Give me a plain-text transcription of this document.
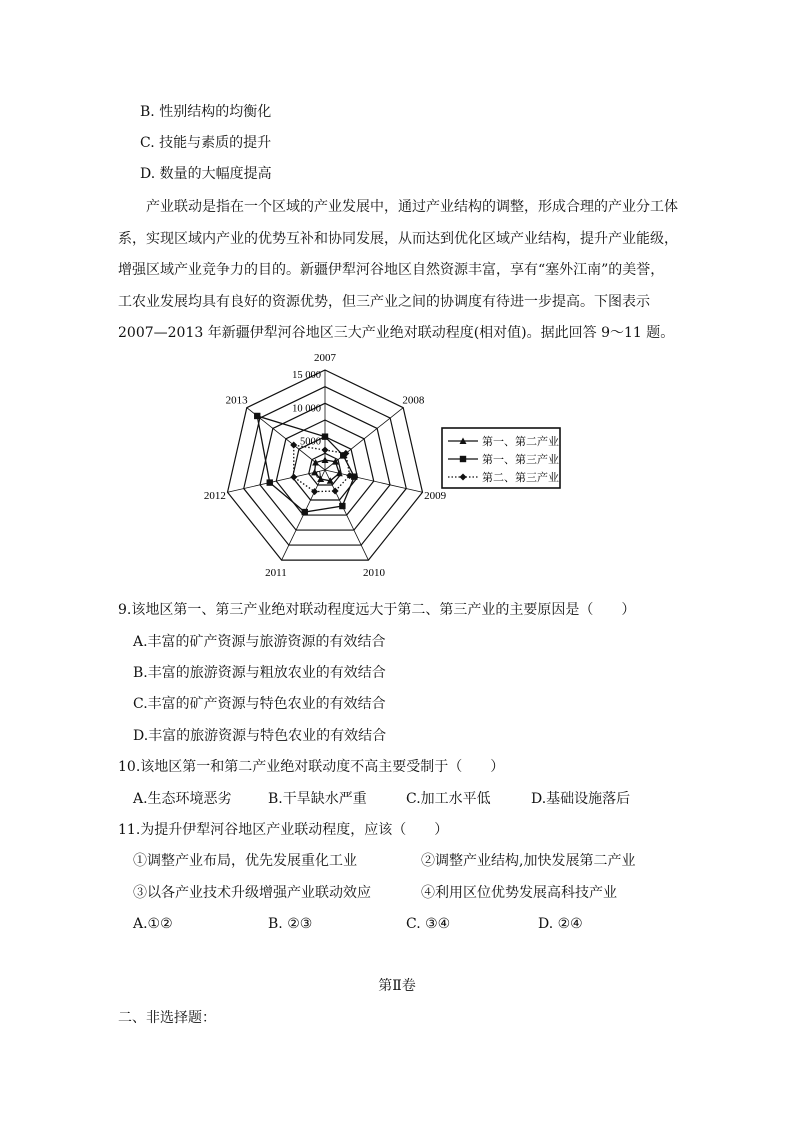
B. 性别结构的均衡化
C. 技能与素质的提升
D. 数量的大幅度提高
　　产业联动是指在一个区域的产业发展中，通过产业结构的调整，形成合理的产业分工体
系，实现区域内产业的优势互补和协同发展，从而达到优化区域产业结构，提升产业能级，
增强区域产业竞争力的目的。新疆伊犁河谷地区自然资源丰富，享有“塞外江南”的美誉，
工农业发展均具有良好的资源优势，但三产业之间的协调度有待进一步提高。下图表示
2007—2013 年新疆伊犁河谷地区三大产业绝对联动程度(相对值)。据此回答 9～11 题。
2007
2008
2009
2010
2011
2012
2013
15 000
10 000
5000
0
第一、第二产业
第一、第三产业
第二、第三产业
9.该地区第一、第三产业绝对联动程度远大于第二、第三产业的主要原因是（　　）
A.丰富的矿产资源与旅游资源的有效结合
B.丰富的旅游资源与粗放农业的有效结合
C.丰富的矿产资源与特色农业的有效结合
D.丰富的旅游资源与特色农业的有效结合
10.该地区第一和第二产业绝对联动度不高主要受制于（　　）
A.生态环境恶劣	B.干旱缺水严重	C.加工水平低	D.基础设施落后
11.为提升伊犁河谷地区产业联动程度，应该（　　）
①调整产业布局，优先发展重化工业	②调整产业结构,加快发展第二产业
③以各产业技术升级增强产业联动效应	④利用区位优势发展高科技产业
A.①②	B. ②③	C. ③④	D. ②④
第Ⅱ卷
二、非选择题：
